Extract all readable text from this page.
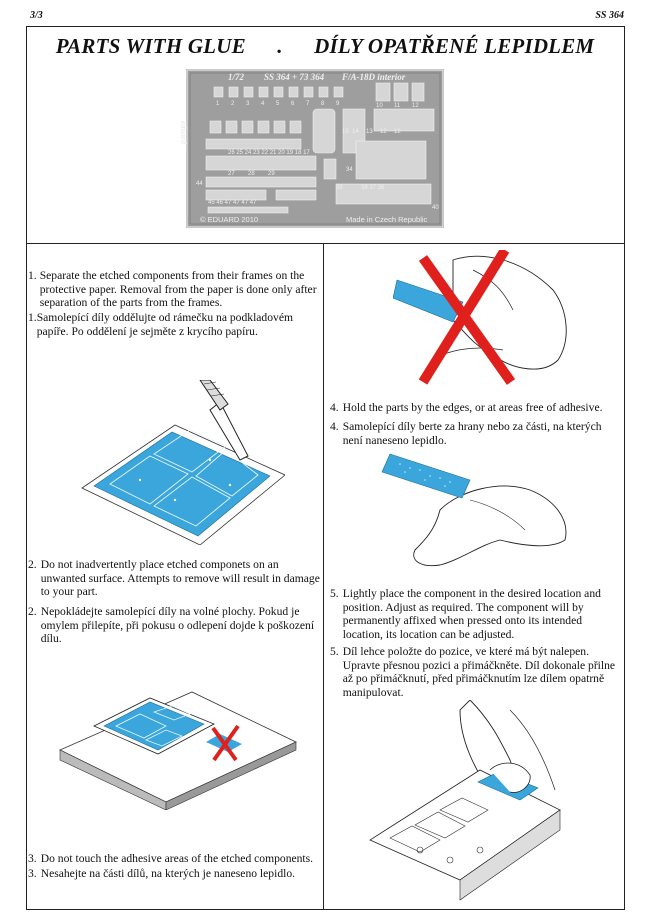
3/3	SS 364
PARTS WITH GLUE . DÍLY OPATŘENÉ LEPIDLEM
1 2 3 4 5 6 7 8 9	10 11 12
15 14 13 12 12
26 25 24 23 22 21 20 19 18 17
34
27 28 29
39	38 37 36
45 46 47 47 47 47
44
40
1/72 SS 364 + 73 364 F/A-18D interior
eduard
© EDUARD 2010	Made in Czech Republic
1. Separate the etched components from their frames on the protective paper. Removal from the paper is done only after separation of the parts from the frames.
1. Samolepící díly oddělujte od rámečku na podkladovém papíře. Po oddělení je sejměte z krycího papíru.
2. Do not inadvertently place etched componets on an unwanted surface. Attempts to remove will result in damage to your part.
2. Nepokládejte samolepící díly na volné plochy. Pokud je omylem přilepíte, při pokusu o odlepení dojde k poškození dílu.
3. Do not touch the adhesive areas of the etched components.
3. Nesahejte na části dílů, na kterých je naneseno lepidlo.
4. Hold the parts by the edges, or at areas free of adhesive.
4. Samolepící díly berte za hrany nebo za části, na kterých není naneseno lepidlo.
5. Lightly place the component in the desired location and position. Adjust as required. The component will by permanently affixed when pressed onto its intended location, its location can be adjusted.
5. Díl lehce položte do pozice, ve které má být nalepen. Upravte přesnou pozici a přimáčkněte. Díl dokonale přilne až po přimáčknutí, před přimáčknutím lze dílem opatrně manipulovat.
